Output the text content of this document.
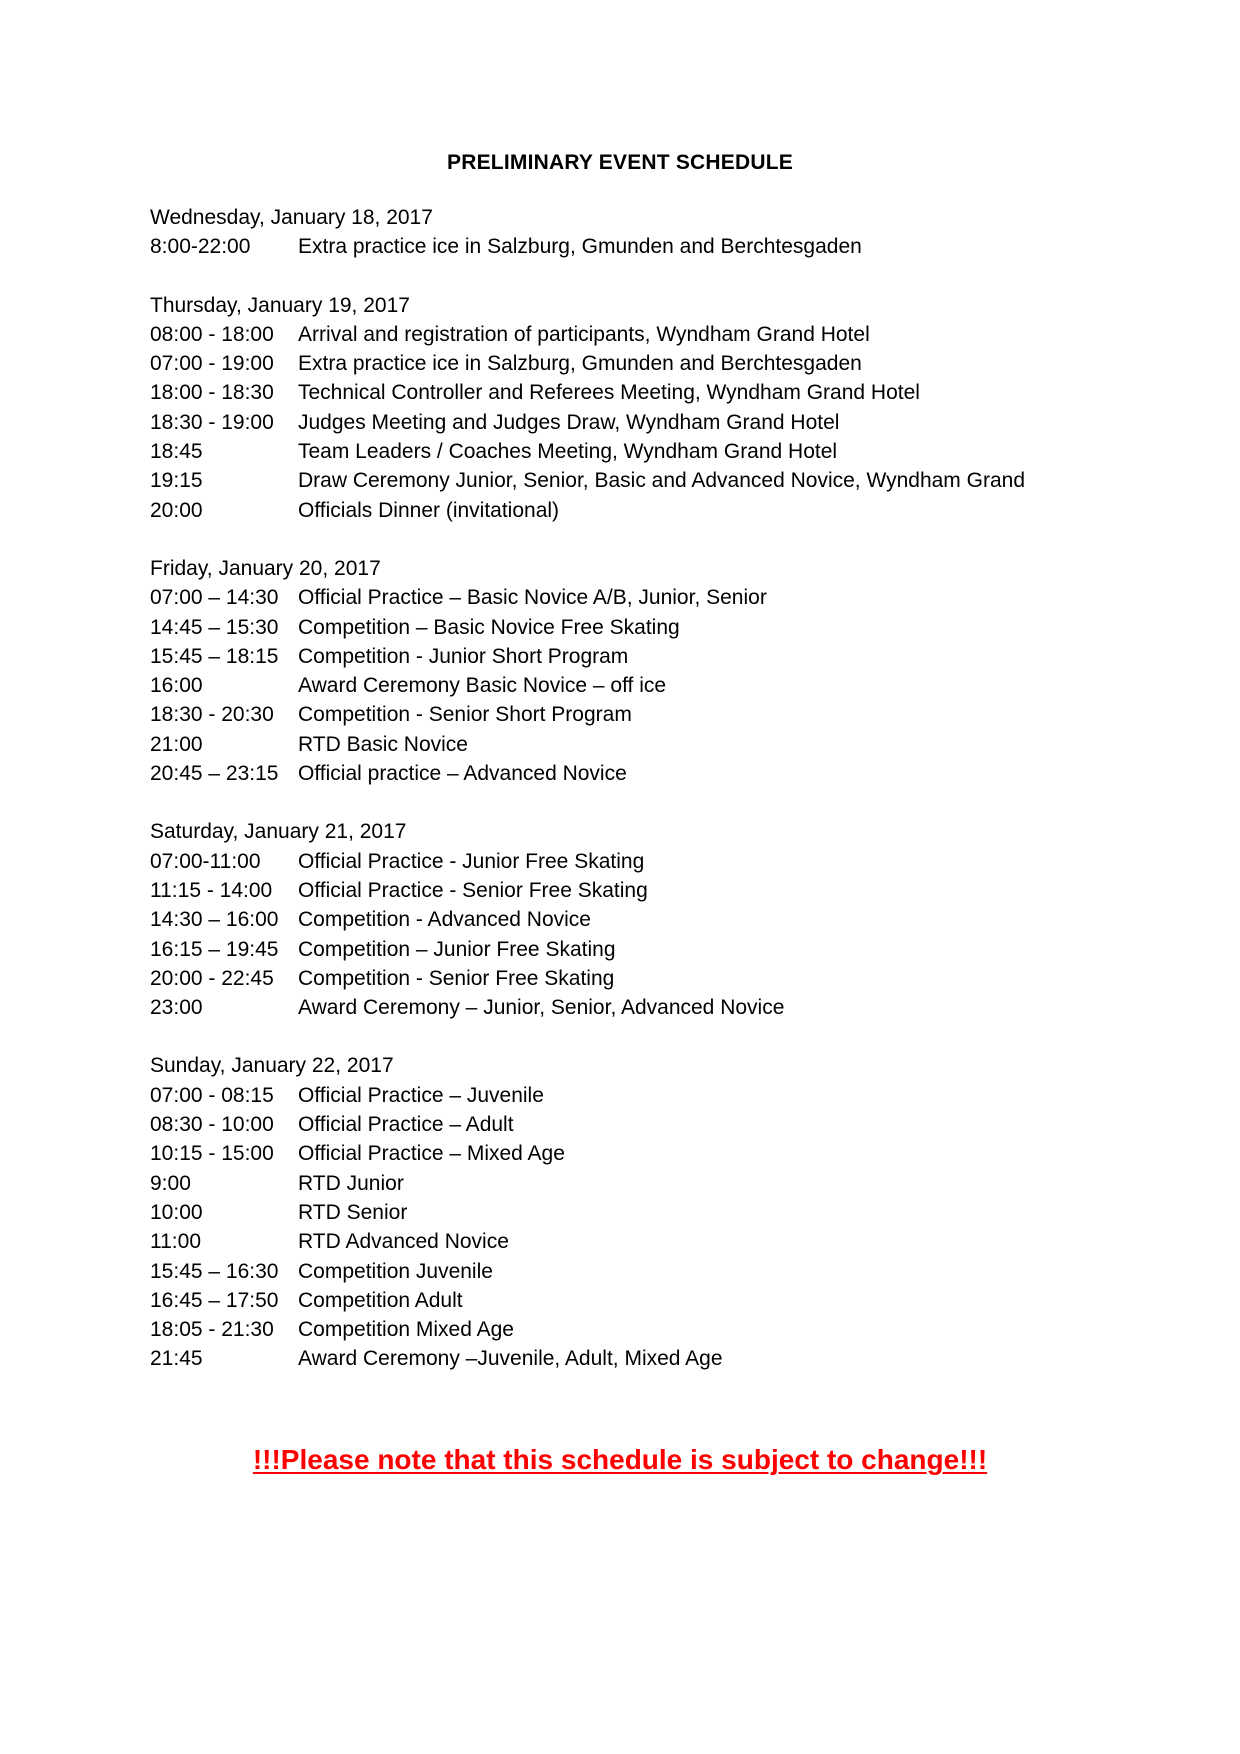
PRELIMINARY EVENT SCHEDULE
Wednesday, January 18, 2017
8:00-22:00	Extra practice ice in Salzburg, Gmunden and Berchtesgaden
Thursday, January 19, 2017
08:00 - 18:00	Arrival and registration of participants, Wyndham Grand Hotel
07:00 - 19:00	Extra practice ice in Salzburg, Gmunden and Berchtesgaden
18:00 - 18:30	Technical Controller and Referees Meeting, Wyndham Grand Hotel
18:30 - 19:00	Judges Meeting and Judges Draw, Wyndham Grand Hotel
18:45	Team Leaders / Coaches Meeting, Wyndham Grand Hotel
19:15	Draw Ceremony Junior, Senior, Basic and Advanced Novice, Wyndham Grand
20:00	Officials Dinner (invitational)
Friday, January 20, 2017
07:00 – 14:30 Official Practice – Basic Novice A/B, Junior, Senior
14:45 – 15:30 Competition – Basic Novice Free Skating
15:45 – 18:15 Competition - Junior Short Program
16:00	Award Ceremony Basic Novice – off ice
18:30 - 20:30	Competition - Senior Short Program
21:00	RTD Basic Novice
20:45 – 23:15 Official practice – Advanced Novice
Saturday, January 21, 2017
07:00-11:00	Official Practice - Junior Free Skating
11:15 - 14:00	Official Practice - Senior Free Skating
14:30 – 16:00 Competition - Advanced Novice
16:15 – 19:45 Competition – Junior Free Skating
20:00 - 22:45	Competition - Senior Free Skating
23:00	Award Ceremony – Junior, Senior, Advanced Novice
Sunday, January 22, 2017
07:00 - 08:15	Official Practice – Juvenile
08:30 - 10:00	Official Practice – Adult
10:15 - 15:00	Official Practice – Mixed Age
9:00	RTD Junior
10:00	RTD Senior
11:00	RTD Advanced Novice
15:45 – 16:30 Competition Juvenile
16:45 – 17:50 Competition Adult
18:05 - 21:30	Competition Mixed Age
21:45	Award Ceremony –Juvenile, Adult, Mixed Age
!!!Please note that this schedule is subject to change!!!
